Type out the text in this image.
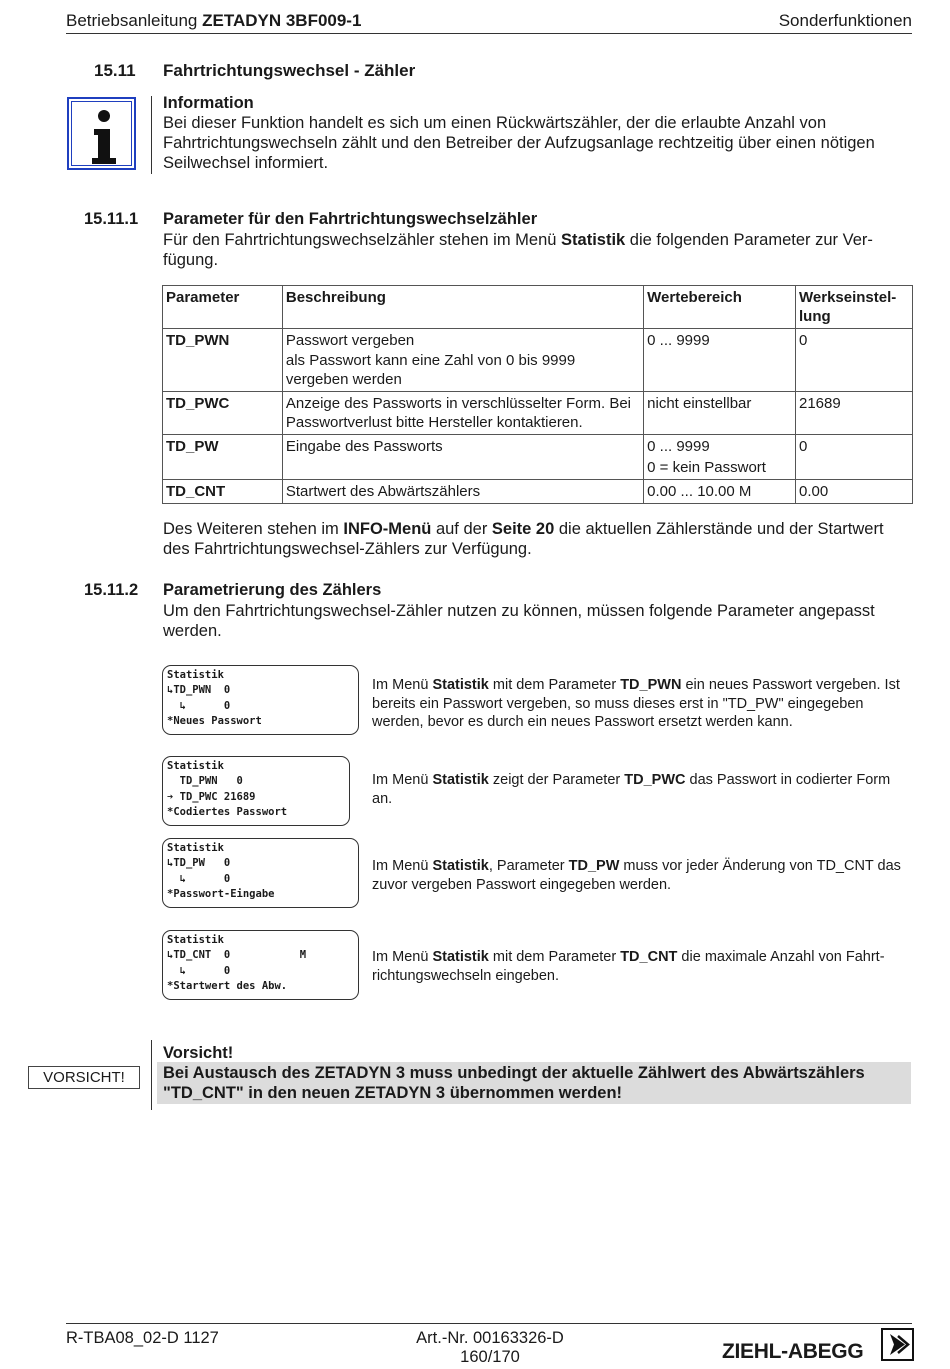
Betriebsanleitung ZETADYN 3BF009-1	Sonderfunktionen
15.11 Fahrtrichtungswechsel - Zähler
Information
Bei dieser Funktion handelt es sich um einen Rückwärtszähler, der die erlaubte Anzahl von Fahrtrichtungswechseln zählt und den Betreiber der Aufzugsanlage rechtzeitig über einen nötigen Seilwechsel informiert.
15.11.1 Parameter für den Fahrtrichtungswechselzähler
Für den Fahrtrichtungswechselzähler stehen im Menü Statistik die folgenden Parameter zur Ver-
fügung.
Parameter	Beschreibung	Wertebereich	Werkseinstel-
lung
TD_PWN	Passwort vergeben
als Passwort kann eine Zahl von 0 bis 9999 vergeben werden	0 ... 9999	0
TD_PWC	Anzeige des Passworts in verschlüsselter Form. Bei Passwortverlust bitte Hersteller kontaktieren.	nicht einstellbar	21689
TD_PW	Eingabe des Passworts	0 ... 9999
0 = kein Passwort	0
TD_CNT	Startwert des Abwärtszählers	0.00 ... 10.00 M	0.00
Des Weiteren stehen im INFO-Menü auf der Seite 20 die aktuellen Zählerstände und der Startwert des Fahrtrichtungswechsel-Zählers zur Verfügung.
15.11.2 Parametrierung des Zählers
Um den Fahrtrichtungswechsel-Zähler nutzen zu können, müssen folgende Parameter angepasst werden.
Statistik
↳TD_PWN  0
↳      0
*Neues Passwort
Im Menü Statistik mit dem Parameter TD_PWN ein neues Passwort vergeben. Ist bereits ein Passwort vergeben, so muss dieses erst in "TD_PW" eingegeben werden, bevor es durch ein neues Passwort ersetzt werden kann.
Statistik
TD_PWN   0
➔ TD_PWC 21689
*Codiertes Passwort
Im Menü Statistik zeigt der Parameter TD_PWC das Passwort in codierter Form an.
Statistik
↳TD_PW   0
↳      0
*Passwort-Eingabe
Im Menü Statistik, Parameter TD_PW muss vor jeder Änderung von TD_CNT das zuvor vergeben Passwort eingegeben werden.
Statistik
↳TD_CNT  0           M
↳      0
*Startwert des Abw.
Im Menü Statistik mit dem Parameter TD_CNT die maximale Anzahl von Fahrt-richtungswechseln eingeben.
VORSICHT!
Vorsicht!
Bei Austausch des ZETADYN 3 muss unbedingt der aktuelle Zählwert des Abwärtszählers "TD_CNT" in den neuen ZETADYN 3 übernommen werden!
R-TBA08_02-D 1127	Art.-Nr. 00163326-D
160/170	ZIEHL-ABEGG
